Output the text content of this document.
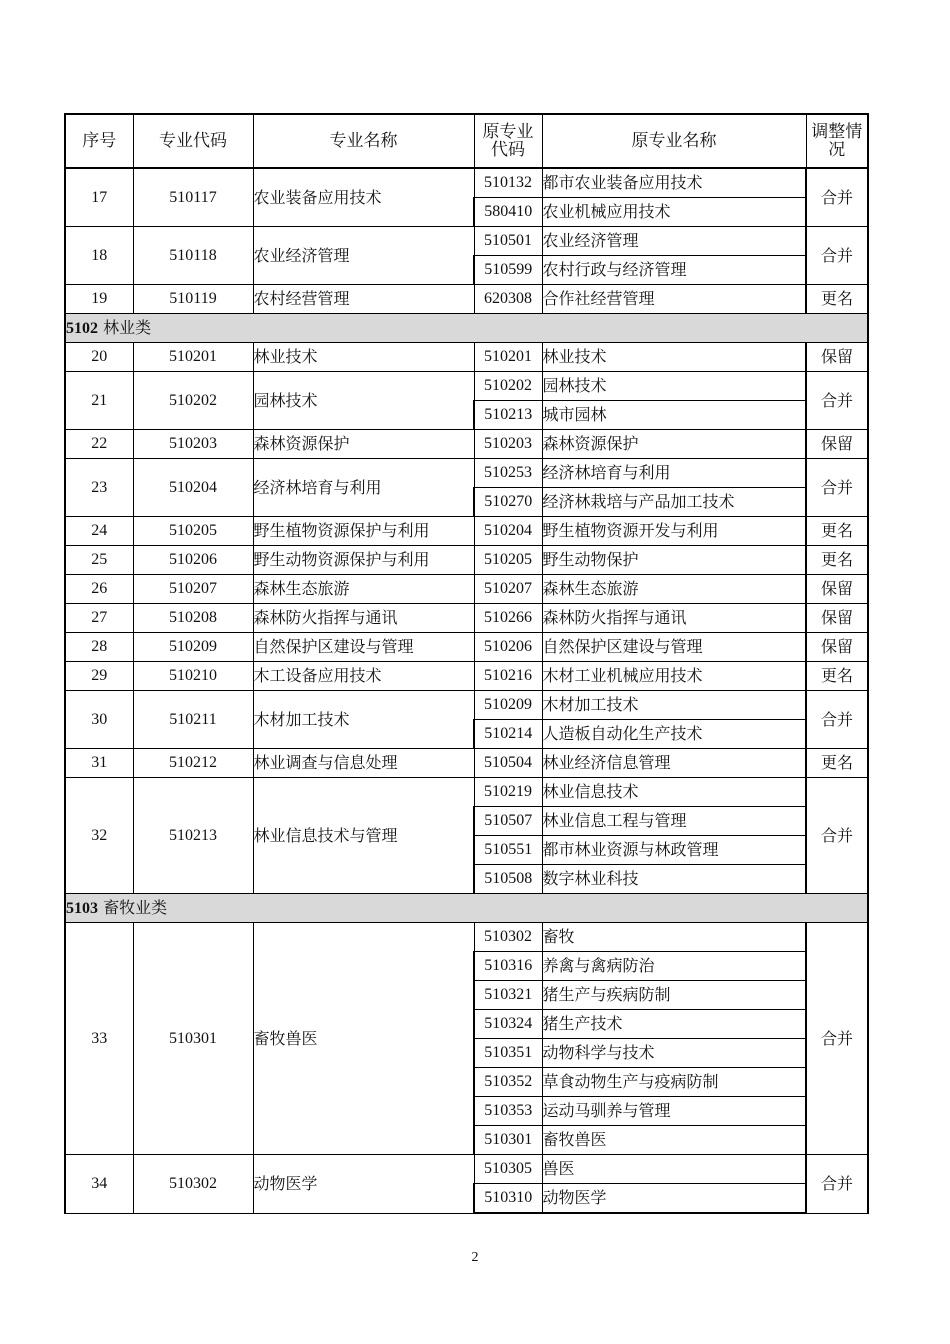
序号	专业代码	专业名称	原专业代码	原专业名称	调整情况
17	510117	农业装备应用技术	510132	都市农业装备应用技术	合并
			580410	农业机械应用技术	
18	510118	农业经济管理	510501	农业经济管理	合并
			510599	农村行政与经济管理	
19	510119	农村经营管理	620308	合作社经营管理	更名
5102 林业类					
20	510201	林业技术	510201	林业技术	保留
21	510202	园林技术	510202	园林技术	合并
			510213	城市园林	
22	510203	森林资源保护	510203	森林资源保护	保留
23	510204	经济林培育与利用	510253	经济林培育与利用	合并
			510270	经济林栽培与产品加工技术	
24	510205	野生植物资源保护与利用	510204	野生植物资源开发与利用	更名
25	510206	野生动物资源保护与利用	510205	野生动物保护	更名
26	510207	森林生态旅游	510207	森林生态旅游	保留
27	510208	森林防火指挥与通讯	510266	森林防火指挥与通讯	保留
28	510209	自然保护区建设与管理	510206	自然保护区建设与管理	保留
29	510210	木工设备应用技术	510216	木材工业机械应用技术	更名
30	510211	木材加工技术	510209	木材加工技术	合并
			510214	人造板自动化生产技术	
31	510212	林业调查与信息处理	510504	林业经济信息管理	更名
32	510213	林业信息技术与管理	510219	林业信息技术	合并
			510507	林业信息工程与管理	
			510551	都市林业资源与林政管理	
			510508	数字林业科技	
5103 畜牧业类					
33	510301	畜牧兽医	510302	畜牧	合并
			510316	养禽与禽病防治	
			510321	猪生产与疾病防制	
			510324	猪生产技术	
			510351	动物科学与技术	
			510352	草食动物生产与疫病防制	
			510353	运动马驯养与管理	
			510301	畜牧兽医	
34	510302	动物医学	510305	兽医	合并
			510310	动物医学	
2
